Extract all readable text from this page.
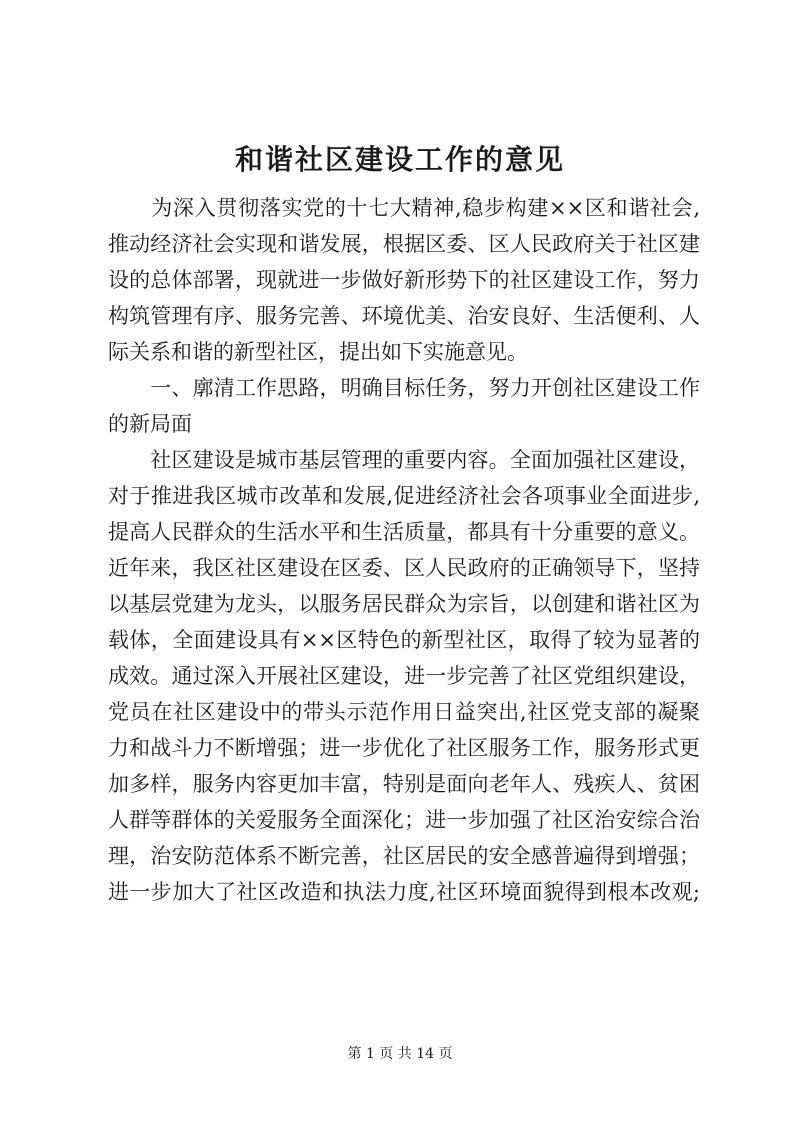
和谐社区建设工作的意见
　　为深入贯彻落实党的十七大精神,稳步构建××区和谐社会,
推动经济社会实现和谐发展，根据区委、区人民政府关于社区建
设的总体部署，现就进一步做好新形势下的社区建设工作，努力
构筑管理有序、服务完善、环境优美、治安良好、生活便利、人
际关系和谐的新型社区，提出如下实施意见。
　　一、廓清工作思路，明确目标任务，努力开创社区建设工作
的新局面
　　社区建设是城市基层管理的重要内容。全面加强社区建设，
对于推进我区城市改革和发展,促进经济社会各项事业全面进步,
提高人民群众的生活水平和生活质量，都具有十分重要的意义。
近年来，我区社区建设在区委、区人民政府的正确领导下，坚持
以基层党建为龙头，以服务居民群众为宗旨，以创建和谐社区为
载体，全面建设具有××区特色的新型社区，取得了较为显著的
成效。通过深入开展社区建设，进一步完善了社区党组织建设，
党员在社区建设中的带头示范作用日益突出,社区党支部的凝聚
力和战斗力不断增强；进一步优化了社区服务工作，服务形式更
加多样，服务内容更加丰富，特别是面向老年人、残疾人、贫困
人群等群体的关爱服务全面深化；进一步加强了社区治安综合治
理，治安防范体系不断完善，社区居民的安全感普遍得到增强；
进一步加大了社区改造和执法力度,社区环境面貌得到根本改观;
第 1 页 共 14 页
